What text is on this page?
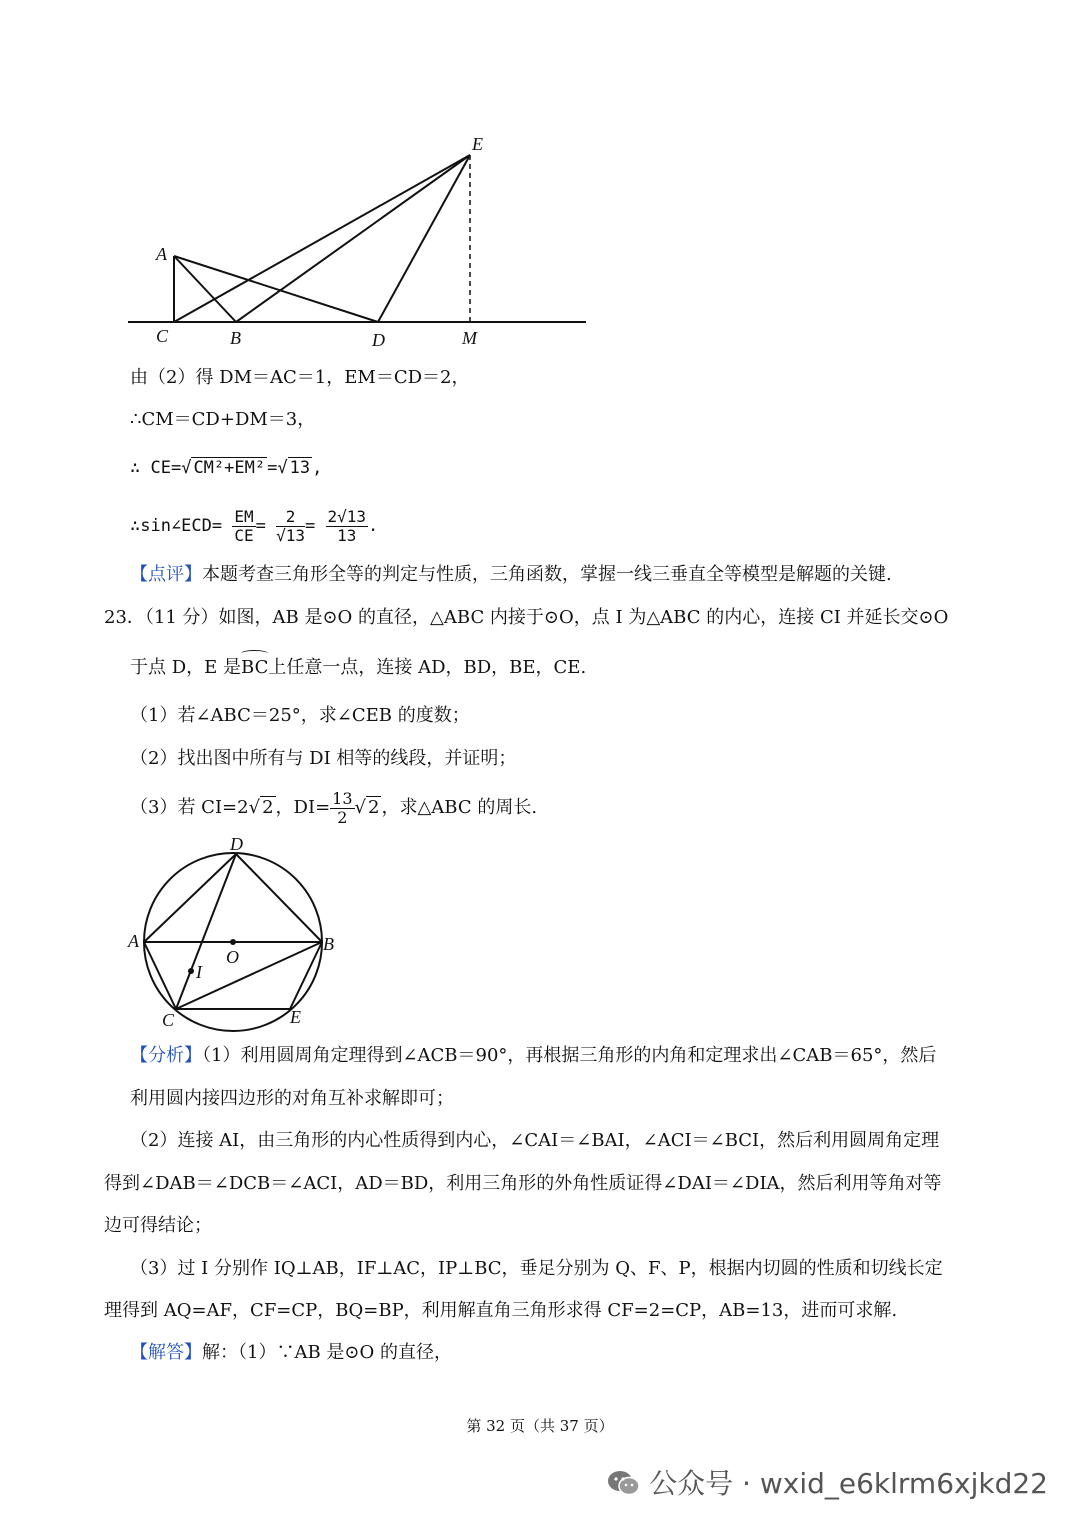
E
A
C	B	D	M
由（2）得 DM＝AC＝1，EM＝CD＝2，
∴CM＝CD+DM＝3，
∴ CE=√ CM²+EM² =√ 13 ,
∴sin∠ECD= $\frac{EM}{CE} = \frac{2}{√13} = \frac{2√13}{13}$ .
【点评】本题考查三角形全等的判定与性质，三角函数，掌握一线三垂直全等模型是解题的关键.
23．（11 分）如图，AB 是⊙O 的直径，△ABC 内接于⊙O，点 I 为△ABC 的内心，连接 CI 并延长交⊙O
于点 D，E 是
BC上任意一点，连接 AD，BD，BE，CE.
（1）若∠ABC＝25°，求∠CEB 的度数；
（2）找出图中所有与 DI 相等的线段，并证明；
（3）若 CI=2√ 2 ，$DI= \frac{13}{2}$ √ 2 ，求△ABC 的周长.
D
A	B
O
I
C	E
【分析】（1）利用圆周角定理得到∠ACB＝90°，再根据三角形的内角和定理求出∠CAB＝65°，然后
利用圆内接四边形的对角互补求解即可；
（2）连接 AI，由三角形的内心性质得到内心，∠CAI＝∠BAI，∠ACI＝∠BCI，然后利用圆周角定理
得到∠DAB＝∠DCB＝∠ACI，AD＝BD，利用三角形的外角性质证得∠DAI＝∠DIA，然后利用等角对等
边可得结论；
（3）过 I 分别作 IQ⊥AB，IF⊥AC，IP⊥BC，垂足分别为 Q、F、P，根据内切圆的性质和切线长定
理得到 AQ=AF，CF=CP，BQ=BP，利用解直角三角形求得 CF=2=CP，AB=13，进而可求解.
【解答】解：（1）∵AB 是⊙O 的直径，
第 32 页（共 37 页）
公众号 · wxid_e6klrm6xjkd22
